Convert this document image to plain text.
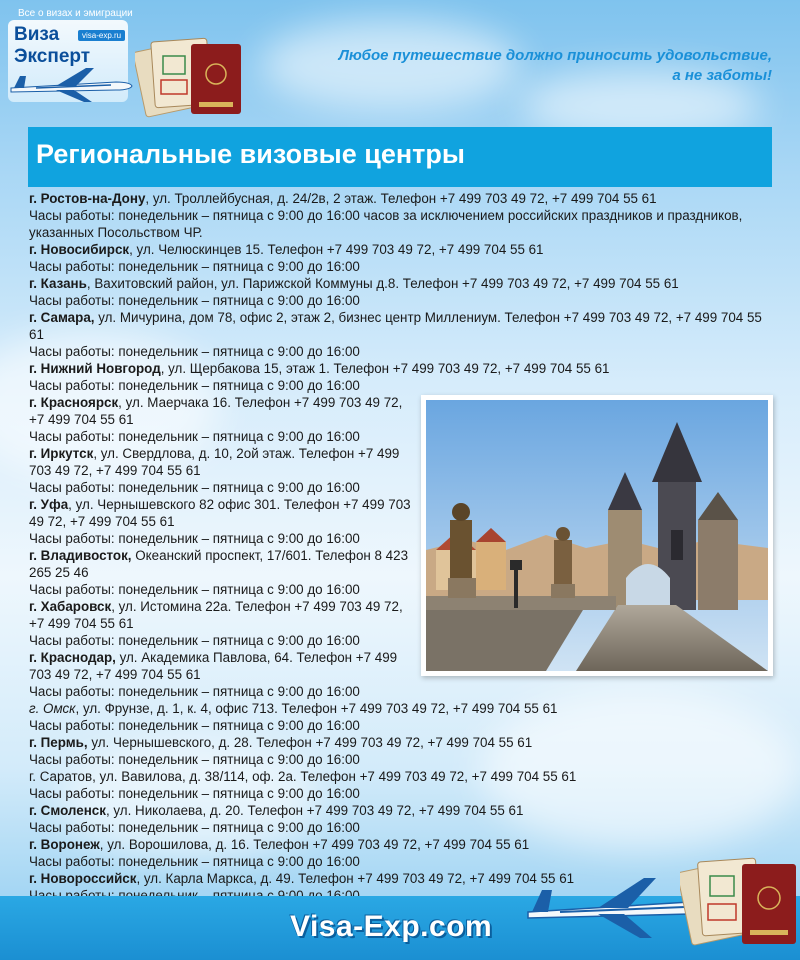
Все о визах и эмиграции
Виза
Эксперт
visa-exp.ru
Любое путешествие должно приносить удовольствие,
а не заботы!
Региональные визовые центры
г. Ростов-на-Дону, ул. Троллейбусная, д. 24/2в, 2 этаж. Телефон +7 499 703 49 72, +7 499 704 55 61
Часы работы: понедельник – пятница с 9:00 до 16:00 часов за исключением российских праздников и праздников, указанных Посольством ЧР.
г. Новосибирск, ул. Челюскинцев 15. Телефон +7 499 703 49 72, +7 499 704 55 61
Часы работы: понедельник – пятница с 9:00 до 16:00
г. Казань, Вахитовский район, ул. Парижской Коммуны д.8. Телефон +7 499 703 49 72, +7 499 704 55 61
Часы работы: понедельник – пятница с 9:00 до 16:00
г. Самара, ул. Мичурина, дом 78, офис 2, этаж 2, бизнес центр Миллениум. Телефон +7 499 703 49 72, +7 499 704 55 61
Часы работы: понедельник – пятница с 9:00 до 16:00
г. Нижний Новгород, ул. Щербакова 15, этаж 1. Телефон +7 499 703 49 72, +7 499 704 55 61
Часы работы: понедельник – пятница с 9:00 до 16:00
г. Красноярск, ул. Маерчака 16. Телефон +7 499 703 49 72, +7 499 704 55 61
Часы работы: понедельник – пятница с 9:00 до 16:00
г. Иркутск, ул. Свердлова, д. 10, 2ой этаж. Телефон +7 499 703 49 72, +7 499 704 55 61
Часы работы: понедельник – пятница с 9:00 до 16:00
г. Уфа, ул. Чернышевского 82 офис 301. Телефон +7 499 703 49 72, +7 499 704 55 61
Часы работы: понедельник – пятница с 9:00 до 16:00
г. Владивосток, Океанский проспект, 17/601. Телефон 8 423 265 25 46
Часы работы: понедельник – пятница с 9:00 до 16:00
г. Хабаровск, ул. Истомина 22а. Телефон +7 499 703 49 72, +7 499 704 55 61
Часы работы: понедельник – пятница с 9:00 до 16:00
г. Краснодар, ул. Академика Павлова, 64. Телефон +7 499 703 49 72, +7 499 704 55 61
Часы работы: понедельник – пятница с 9:00 до 16:00
г. Омск, ул. Фрунзе, д. 1, к. 4, офис 713. Телефон +7 499 703 49 72, +7 499 704 55 61
Часы работы: понедельник – пятница с 9:00 до 16:00
г. Пермь, ул. Чернышевского, д. 28. Телефон +7 499 703 49 72, +7 499 704 55 61
Часы работы: понедельник – пятница с 9:00 до 16:00
г. Саратов, ул. Вавилова, д. 38/114, оф. 2а. Телефон +7 499 703 49 72, +7 499 704 55 61
Часы работы: понедельник – пятница с 9:00 до 16:00
г. Смоленск, ул. Николаева, д. 20. Телефон +7 499 703 49 72, +7 499 704 55 61
Часы работы: понедельник – пятница с 9:00 до 16:00
г. Воронеж, ул. Ворошилова, д. 16. Телефон +7 499 703 49 72, +7 499 704 55 61
Часы работы: понедельник – пятница с 9:00 до 16:00
г. Новороссийск, ул. Карла Маркса, д. 49. Телефон +7 499 703 49 72, +7 499 704 55 61
Visa-Exp.com
